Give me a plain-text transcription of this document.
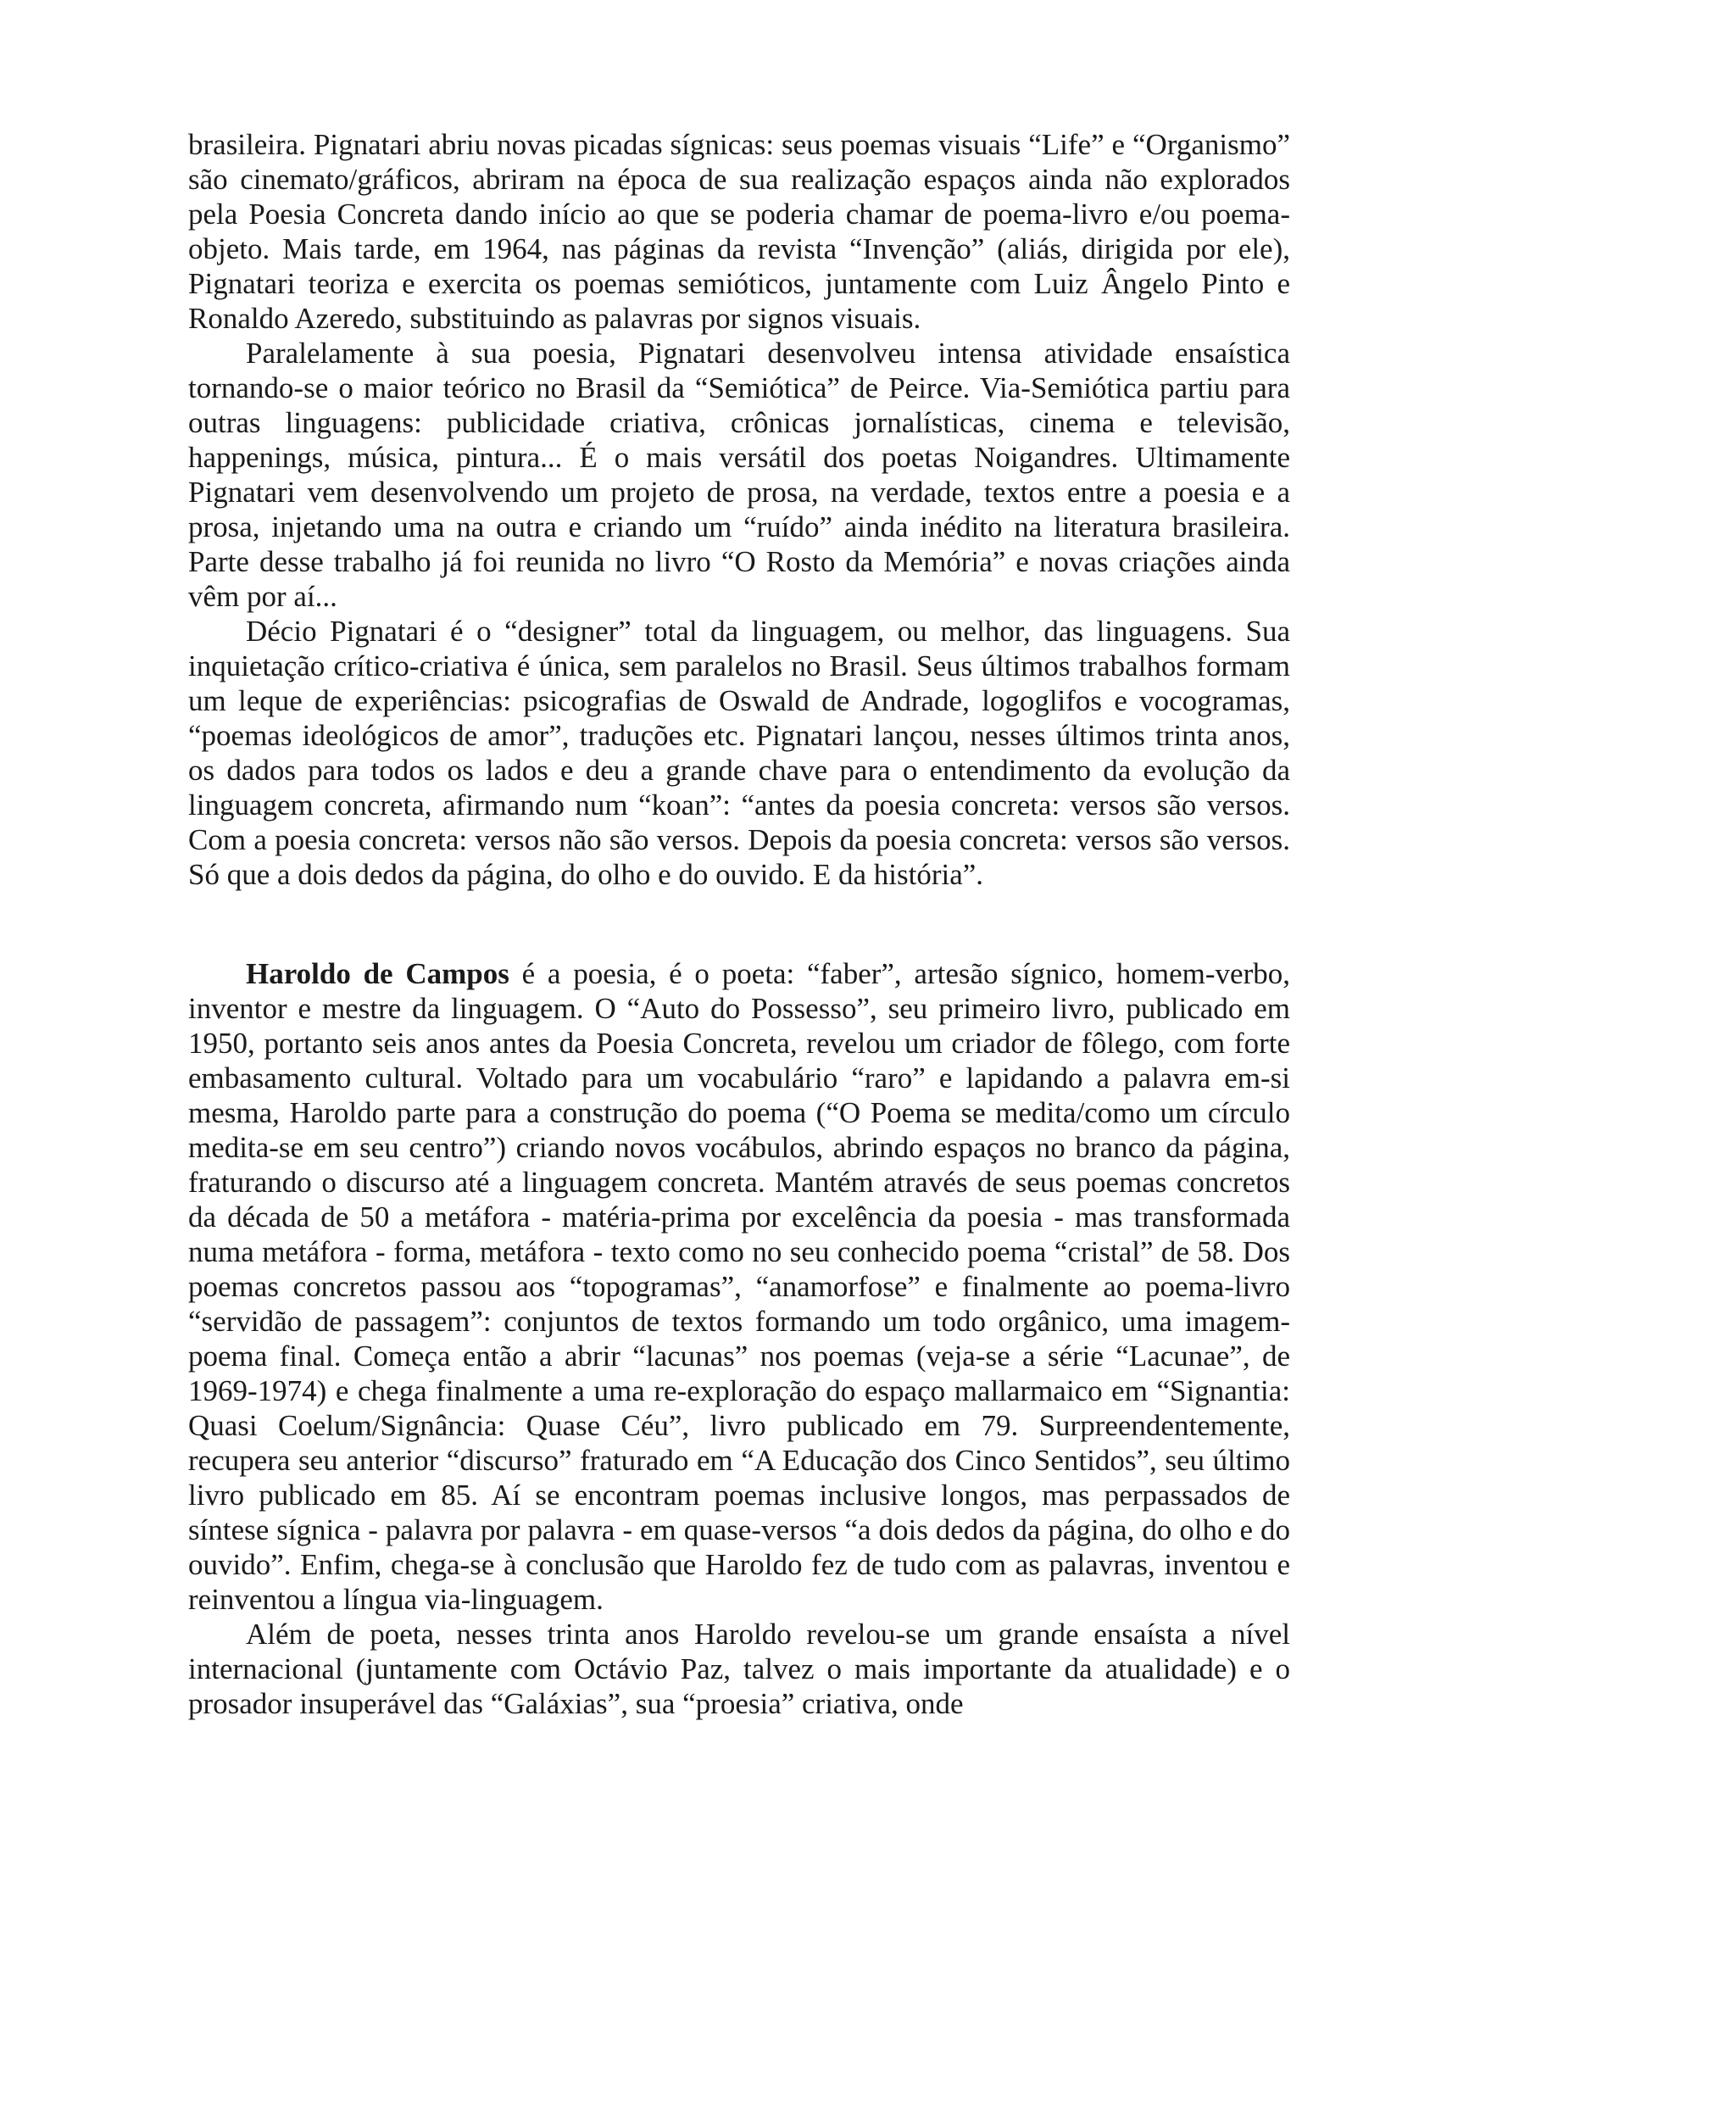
brasileira. Pignatari abriu novas picadas sígnicas: seus poemas visuais “Life” e “Organismo” são cinemato/gráficos, abriram na época de sua realização espaços ainda não explorados pela Poesia Concreta dando início ao que se poderia chamar de poema-livro e/ou poema-objeto. Mais tarde, em 1964, nas páginas da revista “Invenção” (aliás, dirigida por ele), Pignatari teoriza e exercita os poemas semióticos, juntamente com Luiz Ângelo Pinto e Ronaldo Azeredo, substituindo as palavras por signos visuais.

Paralelamente à sua poesia, Pignatari desenvolveu intensa atividade ensaística tornando-se o maior teórico no Brasil da “Semiótica” de Peirce. Via-Semiótica partiu para outras linguagens: publicidade criativa, crônicas jornalísticas, cinema e televisão, happenings, música, pintura... É o mais versátil dos poetas Noigandres. Ultimamente Pignatari vem desenvolvendo um projeto de prosa, na verdade, textos entre a poesia e a prosa, injetando uma na outra e criando um “ruído” ainda inédito na literatura brasileira. Parte desse trabalho já foi reunida no livro “O Rosto da Memória” e novas criações ainda vêm por aí...

Décio Pignatari é o “designer” total da linguagem, ou melhor, das linguagens. Sua inquietação crítico-criativa é única, sem paralelos no Brasil. Seus últimos trabalhos formam um leque de experiências: psicografias de Oswald de Andrade, logoglifos e vocogramas, “poemas ideológicos de amor”, traduções etc. Pignatari lançou, nesses últimos trinta anos, os dados para todos os lados e deu a grande chave para o entendimento da evolução da linguagem concreta, afirmando num “koan”: “antes da poesia concreta: versos são versos. Com a poesia concreta: versos não são versos. Depois da poesia concreta: versos são versos. Só que a dois dedos da página, do olho e do ouvido. E da história”.

Haroldo de Campos é a poesia, é o poeta: “faber”, artesão sígnico, homem-verbo, inventor e mestre da linguagem. O “Auto do Possesso”, seu primeiro livro, publicado em 1950, portanto seis anos antes da Poesia Concreta, revelou um criador de fôlego, com forte embasamento cultural. Voltado para um vocabulário “raro” e lapidando a palavra em-si mesma, Haroldo parte para a construção do poema (“O Poema se medita/como um círculo medita-se em seu centro”) criando novos vocábulos, abrindo espaços no branco da página, fraturando o discurso até a linguagem concreta. Mantém através de seus poemas concretos da década de 50 a metáfora - matéria-prima por excelência da poesia - mas transformada numa metáfora - forma, metáfora - texto como no seu conhecido poema “cristal” de 58. Dos poemas concretos passou aos “topogramas”, “anamorfose” e finalmente ao poema-livro “servidão de passagem”: conjuntos de textos formando um todo orgânico, uma imagem-poema final. Começa então a abrir “lacunas” nos poemas (veja-se a série “Lacunae”, de 1969-1974) e chega finalmente a uma re-exploração do espaço mallarmaico em “Signantia: Quasi Coelum/Signância: Quase Céu”, livro publicado em 79. Surpreendentemente, recupera seu anterior “discurso” fraturado em “A Educação dos Cinco Sentidos”, seu último livro publicado em 85. Aí se encontram poemas inclusive longos, mas perpassados de síntese sígnica - palavra por palavra - em quase-versos “a dois dedos da página, do olho e do ouvido”. Enfim, chega-se à conclusão que Haroldo fez de tudo com as palavras, inventou e reinventou a língua via-linguagem.

Além de poeta, nesses trinta anos Haroldo revelou-se um grande ensaísta a nível internacional (juntamente com Octávio Paz, talvez o mais importante da atualidade) e o prosador insuperável das “Galáxias”, sua “proesia” criativa, onde
